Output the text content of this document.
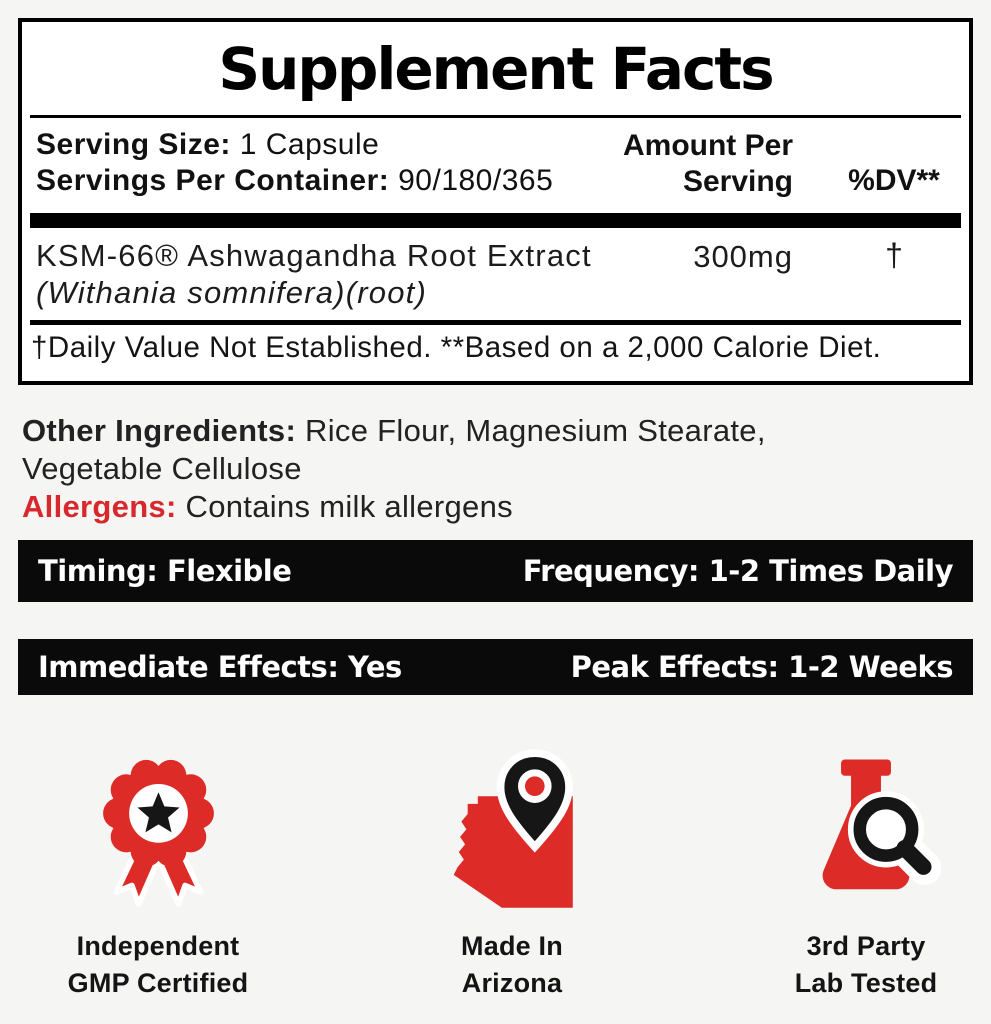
Supplement Facts
Serving Size: 1 Capsule
Servings Per Container: 90/180/365
Amount Per
Serving	%DV**
KSM-66® Ashwagandha Root Extract
(Withania somnifera)(root)
300mg	†
†Daily Value Not Established. **Based on a 2,000 Calorie Diet.
Other Ingredients: Rice Flour, Magnesium Stearate,
Vegetable Cellulose
Allergens: Contains milk allergens
Timing: Flexible	Frequency: 1-2 Times Daily
Immediate Effects: Yes	Peak Effects: 1-2 Weeks
Independent
GMP Certified
Made In
Arizona
3rd Party
Lab Tested
